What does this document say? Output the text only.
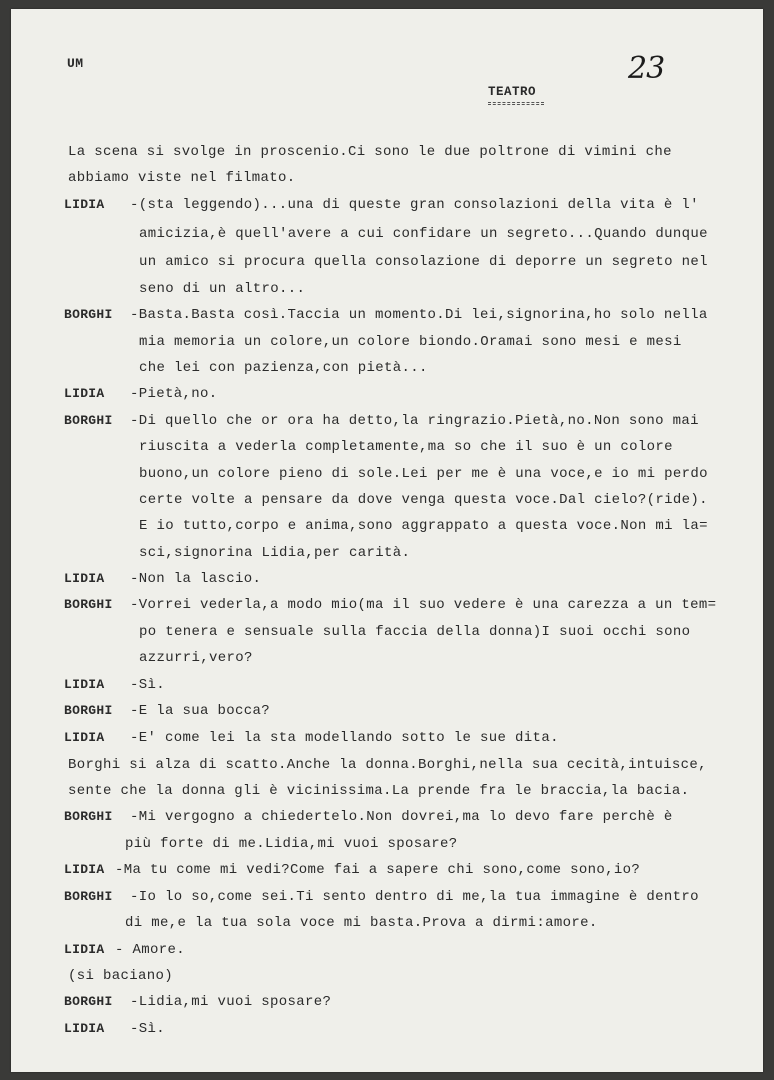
UM	23
TEATRO
La scena si svolge in proscenio.Ci sono le due poltrone di vimini che
abbiamo viste nel filmato.
LIDIA -(sta leggendo)...una di queste gran consolazioni della vita è l'
amicizia,è quell'avere a cui confidare un segreto...Quando dunque
un amico si procura quella consolazione di deporre un segreto nel
seno di un altro...
BORGHI -Basta.Basta così.Taccia un momento.Di lei,signorina,ho solo nella
mia memoria un colore,un colore biondo.Oramai sono mesi e mesi
che lei con pazienza,con pietà...
LIDIA -Pietà,no.
BORGHI -Di quello che or ora ha detto,la ringrazio.Pietà,no.Non sono mai
riuscita a vederla completamente,ma so che il suo è un colore
buono,un colore pieno di sole.Lei per me è una voce,e io mi perdo
certe volte a pensare da dove venga questa voce.Dal cielo?(ride).
E io tutto,corpo e anima,sono aggrappato a questa voce.Non mi la=
sci,signorina Lidia,per carità.
LIDIA -Non la lascio.
BORGHI -Vorrei vederla,a modo mio(ma il suo vedere è una carezza a un tem=
po tenera e sensuale sulla faccia della donna)I suoi occhi sono
azzurri,vero?
LIDIA -Sì.
BORGHI -E la sua bocca?
LIDIA -E' come lei la sta modellando sotto le sue dita.
Borghi si alza di scatto.Anche la donna.Borghi,nella sua cecità,intuisce,
sente che la donna gli è vicinissima.La prende fra le braccia,la bacia.
BORGHI -Mi vergogno a chiedertelo.Non dovrei,ma lo devo fare perchè è
più forte di me.Lidia,mi vuoi sposare?
LIDIA -Ma tu come mi vedi?Come fai a sapere chi sono,come sono,io?
BORGHI -Io lo so,come sei.Ti sento dentro di me,la tua immagine è dentro
di me,e la tua sola voce mi basta.Prova a dirmi:amore.
LIDIA - Amore.
(si baciano)
BORGHI -Lidia,mi vuoi sposare?
LIDIA -Sì.
